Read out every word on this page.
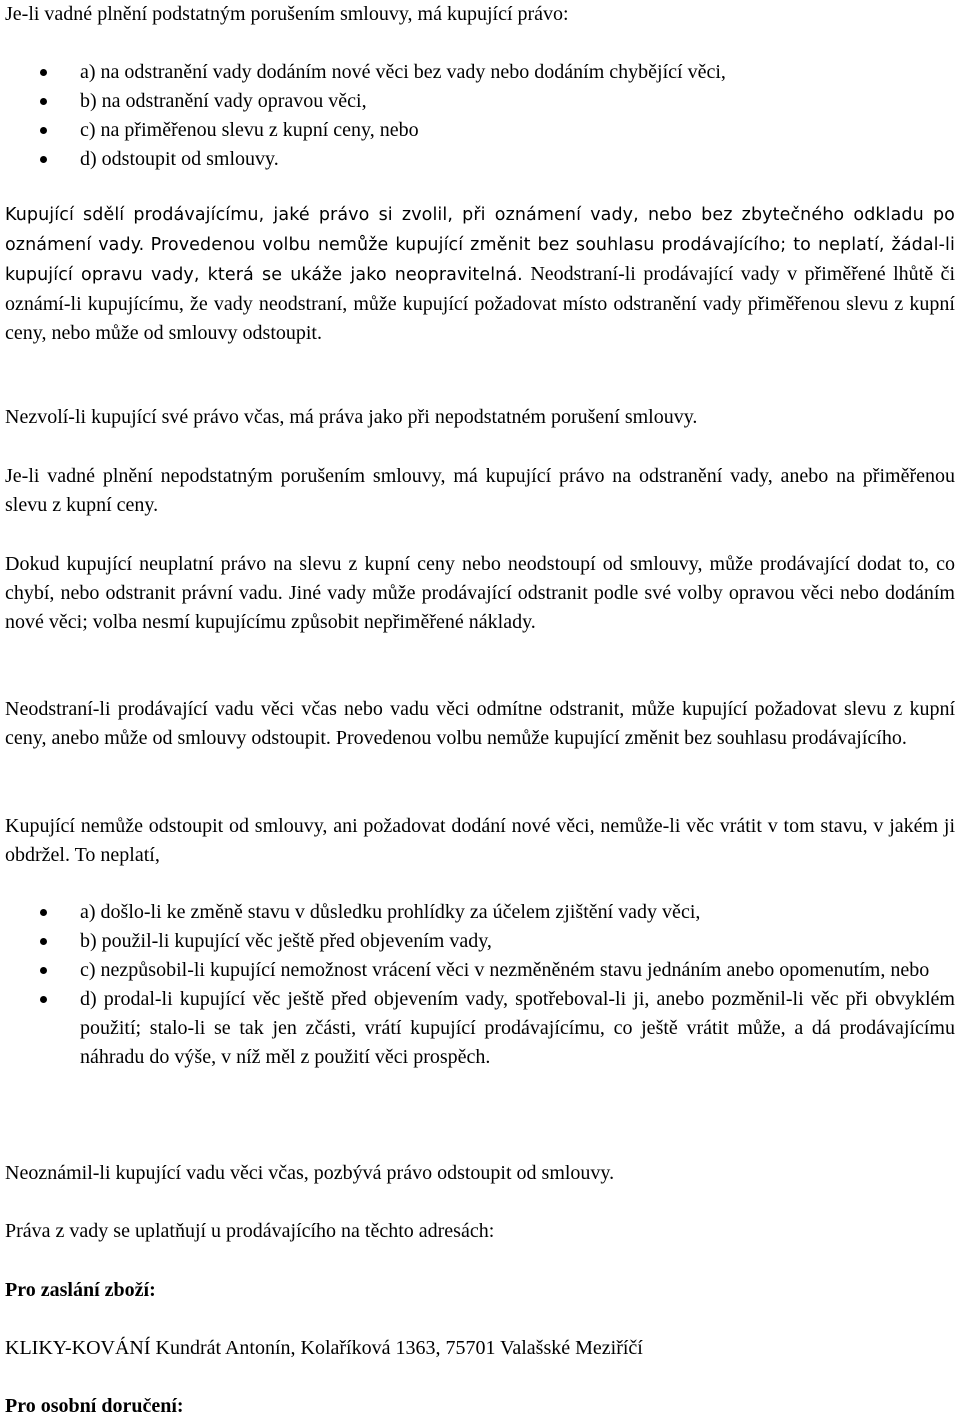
Je-li vadné plnění podstatným porušením smlouvy, má kupující právo:

a) na odstranění vady dodáním nové věci bez vady nebo dodáním chybějící věci,
b) na odstranění vady opravou věci,
c) na přiměřenou slevu z kupní ceny, nebo
d) odstoupit od smlouvy.

Kupující sdělí prodávajícímu, jaké právo si zvolil, při oznámení vady, nebo bez zbytečného odkladu po oznámení vady. Provedenou volbu nemůže kupující změnit bez souhlasu prodávajícího; to neplatí, žádal-li kupující opravu vady, která se ukáže jako neopravitelná. Neodstraní-li prodávající vady v přiměřené lhůtě či oznámí-li kupujícímu, že vady neodstraní, může kupující požadovat místo odstranění vady přiměřenou slevu z kupní ceny, nebo může od smlouvy odstoupit.

Nezvolí-li kupující své právo včas, má práva jako při nepodstatném porušení smlouvy.

Je-li vadné plnění nepodstatným porušením smlouvy, má kupující právo na odstranění vady, anebo na přiměřenou slevu z kupní ceny.

Dokud kupující neuplatní právo na slevu z kupní ceny nebo neodstoupí od smlouvy, může prodávající dodat to, co chybí, nebo odstranit právní vadu. Jiné vady může prodávající odstranit podle své volby opravou věci nebo dodáním nové věci; volba nesmí kupujícímu způsobit nepřiměřené náklady.

Neodstraní-li prodávající vadu věci včas nebo vadu věci odmítne odstranit, může kupující požadovat slevu z kupní ceny, anebo může od smlouvy odstoupit. Provedenou volbu nemůže kupující změnit bez souhlasu prodávajícího.

Kupující nemůže odstoupit od smlouvy, ani požadovat dodání nové věci, nemůže-li věc vrátit v tom stavu, v jakém ji obdržel. To neplatí,

a) došlo-li ke změně stavu v důsledku prohlídky za účelem zjištění vady věci,
b) použil-li kupující věc ještě před objevením vady,
c) nezpůsobil-li kupující nemožnost vrácení věci v nezměněném stavu jednáním anebo opomenutím, nebo
d) prodal-li kupující věc ještě před objevením vady, spotřeboval-li ji, anebo pozměnil-li věc při obvyklém použití; stalo-li se tak jen zčásti, vrátí kupující prodávajícímu, co ještě vrátit může, a dá prodávajícímu náhradu do výše, v níž měl z použití věci prospěch.

Neoznámil-li kupující vadu věci včas, pozbývá právo odstoupit od smlouvy.

Práva z vady se uplatňují u prodávajícího na těchto adresách:

Pro zaslání zboží:

KLIKY-KOVÁNÍ Kundrát Antonín, Kolaříková 1363, 75701 Valašské Meziříčí

Pro osobní doručení:
